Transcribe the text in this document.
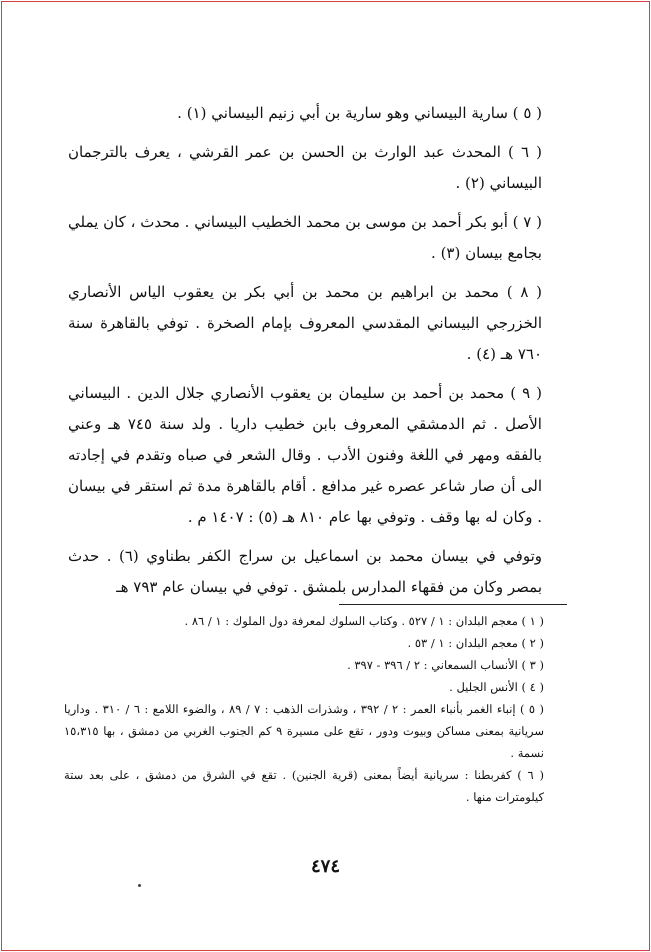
( ٥ ) سارية البيساني وهو سارية بن أبي زنيم البيساني (١) .

( ٦ ) المحدث عبد الوارث بن الحسن بن عمر القرشي ، يعرف بالترجمان البيساني (٢) .

( ٧ ) أبو بكر أحمد بن موسى بن محمد الخطيب البيساني . محدث ، كان يملي بجامع بيسان (٣) .

( ٨ ) محمد بن ابراهيم بن محمد بن أبي بكر بن يعقوب الياس الأنصاري الخزرجي البيساني المقدسي المعروف بإمام الصخرة . توفي بالقاهرة سنة ٧٦٠ هـ (٤) .

( ٩ ) محمد بن أحمد بن سليمان بن يعقوب الأنصاري جلال الدين . البيساني الأصل . ثم الدمشقي المعروف بابن خطيب داريا . ولد سنة ٧٤٥ هـ وعني بالفقه ومهر في اللغة وفنون الأدب . وقال الشعر في صباه وتقدم في إجادته الى أن صار شاعر عصره غير مدافع . أقام بالقاهرة مدة ثم استقر في بيسان . وكان له بها وقف . وتوفي بها عام ٨١٠ هـ (٥) : ١٤٠٧ م .

وتوفي في بيسان محمد بن اسماعيل بن سراج الكفر بطناوي (٦) . حدث بمصر وكان من فقهاء المدارس بلمشق . توفي في بيسان عام ٧٩٣ هـ

( ١ ) معجم البلدان : ١ / ٥٢٧ . وكتاب السلوك لمعرفة دول الملوك : ١ / ٨٦ .

( ٢ ) معجم البلدان : ١ / ٥٣ .

( ٣ ) الأنساب السمعاني : ٢ / ٣٩٦ - ٣٩٧ .

( ٤ ) الأنس الجليل .

( ٥ ) إنباء الغمر بأنباء العمر : ٢ / ٣٩٢ ، وشذرات الذهب : ٧ / ٨٩ ، والضوء اللامع : ٦ / ٣١٠ . وداريا سريانية بمعنى مساكن وبيوت ودور ، تقع على مسيرة ٩ كم الجنوب الغربي من دمشق ، بها ١٥،٣١٥ نسمة .

( ٦ ) كفربطنا : سريانية أيضاً بمعنى (قرية الجنين) . تقع في الشرق من دمشق ، على بعد ستة كيلومترات منها .

٤٧٤
